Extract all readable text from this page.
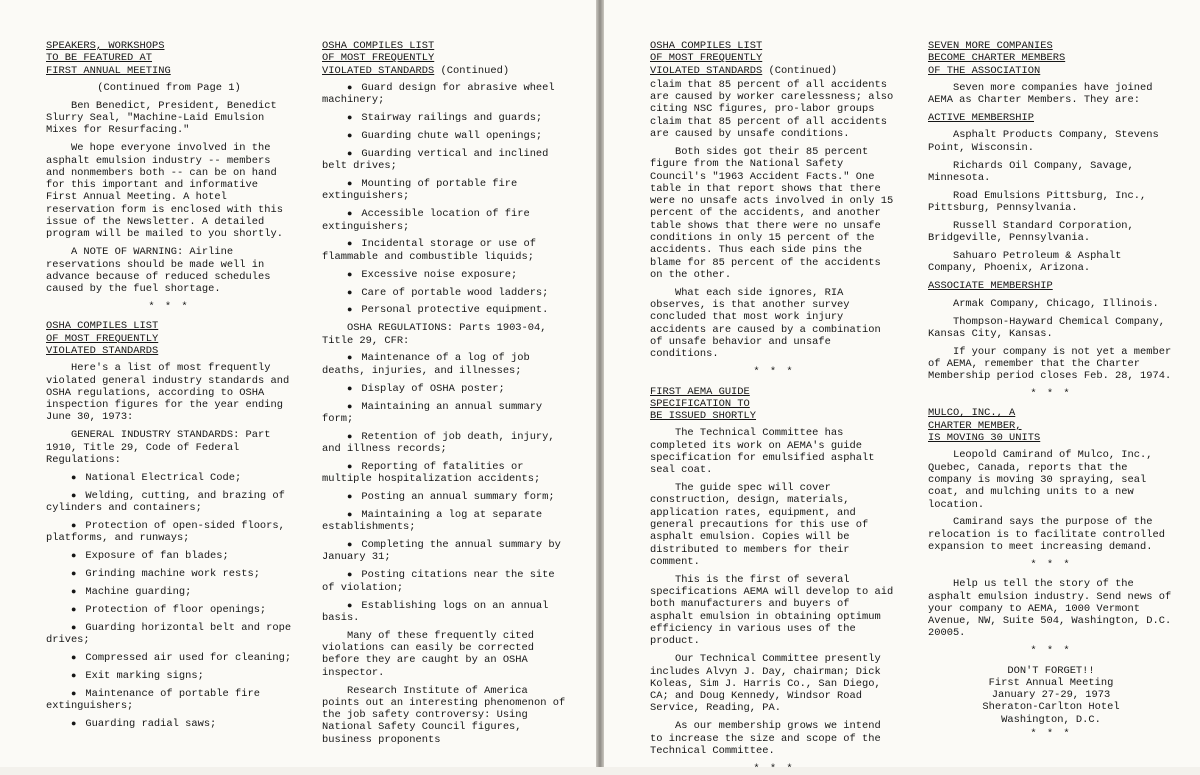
SPEAKERS, WORKSHOPS
TO BE FEATURED AT
FIRST ANNUAL MEETING

(Continued from Page 1)

Ben Benedict, President, Benedict Slurry Seal, "Machine-Laid Emulsion Mixes for Resurfacing."

We hope everyone involved in the asphalt emulsion industry -- members and nonmembers both -- can be on hand for this important and informative First Annual Meeting. A hotel reservation form is enclosed with this issue of the Newsletter. A detailed program will be mailed to you shortly.

A NOTE OF WARNING: Airline reservations should be made well in advance because of reduced schedules caused by the fuel shortage.

* * *
OSHA COMPILES LIST
OF MOST FREQUENTLY
VIOLATED STANDARDS

Here's a list of most frequently violated general industry standards and OSHA regulations, according to OSHA inspection figures for the year ending June 30, 1973:

GENERAL INDUSTRY STANDARDS: Part 1910, Title 29, Code of Federal Regulations:

● National Electrical Code;

● Welding, cutting, and brazing of cylinders and containers;

● Protection of open-sided floors, platforms, and runways;

● Exposure of fan blades;

● Grinding machine work rests;

● Machine guarding;

● Protection of floor openings;

● Guarding horizontal belt and rope drives;

● Compressed air used for cleaning;

● Exit marking signs;

● Maintenance of portable fire extinguishers;

● Guarding radial saws;

OSHA COMPILES LIST
OF MOST FREQUENTLY
VIOLATED STANDARDS (Continued)

● Guard design for abrasive wheel machinery;

● Stairway railings and guards;

● Guarding chute wall openings;

● Guarding vertical and inclined belt drives;

● Mounting of portable fire extinguishers;

● Accessible location of fire extinguishers;

● Incidental storage or use of flammable and combustible liquids;

● Excessive noise exposure;

● Care of portable wood ladders;

● Personal protective equipment.

OSHA REGULATIONS: Parts 1903-04, Title 29, CFR:

● Maintenance of a log of job deaths, injuries, and illnesses;

● Display of OSHA poster;

● Maintaining an annual summary form;

● Retention of job death, injury, and illness records;

● Reporting of fatalities or multiple hospitalization accidents;

● Posting an annual summary form;

● Maintaining a log at separate establishments;

● Completing the annual summary by January 31;

● Posting citations near the site of violation;

● Establishing logs on an annual basis.

Many of these frequently cited violations can easily be corrected before they are caught by an OSHA inspector.

Research Institute of America points out an interesting phenomenon of the job safety controversy: Using National Safety Council figures, business proponents

OSHA COMPILES LIST
OF MOST FREQUENTLY
VIOLATED STANDARDS (Continued)

claim that 85 percent of all accidents are caused by worker carelessness; also citing NSC figures, pro-labor groups claim that 85 percent of all accidents are caused by unsafe conditions.

Both sides got their 85 percent figure from the National Safety Council's "1963 Accident Facts." One table in that report shows that there were no unsafe acts involved in only 15 percent of the accidents, and another table shows that there were no unsafe conditions in only 15 percent of the accidents. Thus each side pins the blame for 85 percent of the accidents on the other.

What each side ignores, RIA observes, is that another survey concluded that most work injury accidents are caused by a combination of unsafe behavior and unsafe conditions.

* * *
FIRST AEMA GUIDE
SPECIFICATION TO
BE ISSUED SHORTLY

The Technical Committee has completed its work on AEMA's guide specification for emulsified asphalt seal coat.

The guide spec will cover construction, design, materials, application rates, equipment, and general precautions for this use of asphalt emulsion. Copies will be distributed to members for their comment.

This is the first of several specifications AEMA will develop to aid both manufacturers and buyers of asphalt emulsion in obtaining optimum efficiency in various uses of the product.

Our Technical Committee presently includes Alvyn J. Day, chairman; Dick Koleas, Sim J. Harris Co., San Diego, CA; and Doug Kennedy, Windsor Road Service, Reading, PA.

As our membership grows we intend to increase the size and scope of the Technical Committee.

* * *
SEVEN MORE COMPANIES
BECOME CHARTER MEMBERS
OF THE ASSOCIATION

Seven more companies have joined AEMA as Charter Members. They are:

ACTIVE MEMBERSHIP

Asphalt Products Company, Stevens Point, Wisconsin.

Richards Oil Company, Savage, Minnesota.

Road Emulsions Pittsburg, Inc., Pittsburg, Pennsylvania.

Russell Standard Corporation, Bridgeville, Pennsylvania.

Sahuaro Petroleum & Asphalt Company, Phoenix, Arizona.

ASSOCIATE MEMBERSHIP

Armak Company, Chicago, Illinois.

Thompson-Hayward Chemical Company, Kansas City, Kansas.

If your company is not yet a member of AEMA, remember that the Charter Membership period closes Feb. 28, 1974.

* * *
MULCO, INC., A
CHARTER MEMBER,
IS MOVING 30 UNITS

Leopold Camirand of Mulco, Inc., Quebec, Canada, reports that the company is moving 30 spraying, seal coat, and mulching units to a new location.

Camirand says the purpose of the relocation is to facilitate controlled expansion to meet increasing demand.

* * *

Help us tell the story of the asphalt emulsion industry. Send news of your company to AEMA, 1000 Vermont Avenue, NW, Suite 504, Washington, D.C. 20005.

* * *
DON'T FORGET!!
First Annual Meeting
January 27-29, 1973
Sheraton-Carlton Hotel
Washington, D.C.
* * *
